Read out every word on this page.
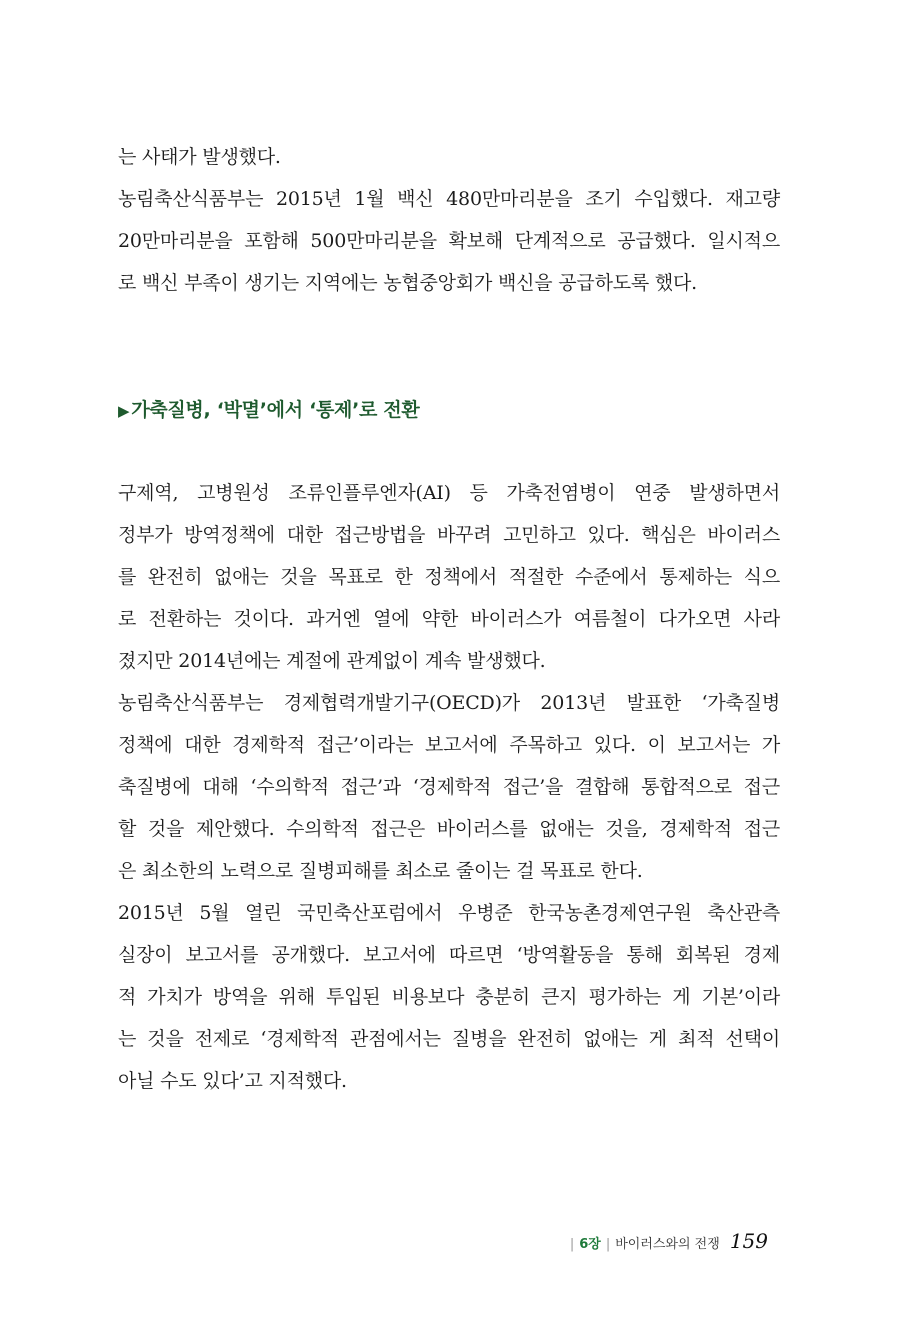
는 사태가 발생했다.
농림축산식품부는 2015년 1월 백신 480만마리분을 조기 수입했다. 재고량
20만마리분을 포함해 500만마리분을 확보해 단계적으로 공급했다. 일시적으
로 백신 부족이 생기는 지역에는 농협중앙회가 백신을 공급하도록 했다.
▶ 가축질병, ‘박멸’에서 ‘통제’로 전환
구제역, 고병원성 조류인플루엔자(AI) 등 가축전염병이 연중 발생하면서
정부가 방역정책에 대한 접근방법을 바꾸려 고민하고 있다. 핵심은 바이러스
를 완전히 없애는 것을 목표로 한 정책에서 적절한 수준에서 통제하는 식으
로 전환하는 것이다. 과거엔 열에 약한 바이러스가 여름철이 다가오면 사라
졌지만 2014년에는 계절에 관계없이 계속 발생했다.
농림축산식품부는 경제협력개발기구(OECD)가 2013년 발표한 ‘가축질병
정책에 대한 경제학적 접근’이라는 보고서에 주목하고 있다. 이 보고서는 가
축질병에 대해 ‘수의학적 접근’과 ‘경제학적 접근’을 결합해 통합적으로 접근
할 것을 제안했다. 수의학적 접근은 바이러스를 없애는 것을, 경제학적 접근
은 최소한의 노력으로 질병피해를 최소로 줄이는 걸 목표로 한다.
2015년 5월 열린 국민축산포럼에서 우병준 한국농촌경제연구원 축산관측
실장이 보고서를 공개했다. 보고서에 따르면 ‘방역활동을 통해 회복된 경제
적 가치가 방역을 위해 투입된 비용보다 충분히 큰지 평가하는 게 기본’이라
는 것을 전제로 ‘경제학적 관점에서는 질병을 완전히 없애는 게 최적 선택이
아닐 수도 있다’고 지적했다.
| 6장 | 바이러스와의 전쟁 159
